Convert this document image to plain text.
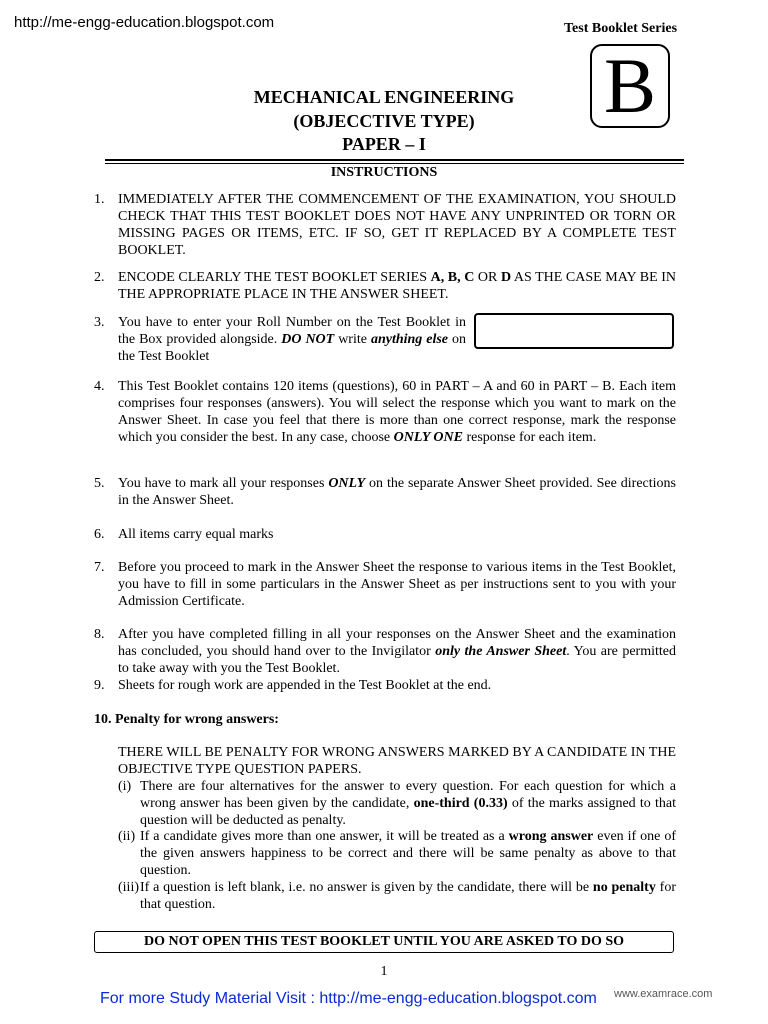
http://me-engg-education.blogspot.com	Test Booklet Series
B
MECHANICAL ENGINEERING
(OBJECCTIVE TYPE)
PAPER – I
INSTRUCTIONS
1. IMMEDIATELY AFTER THE COMMENCEMENT OF THE EXAMINATION, YOU SHOULD CHECK THAT THIS TEST BOOKLET DOES NOT HAVE ANY UNPRINTED OR TORN OR MISSING PAGES OR ITEMS, ETC. IF SO, GET IT REPLACED BY A COMPLETE TEST BOOKLET.
2. ENCODE CLEARLY THE TEST BOOKLET SERIES A, B, C OR D AS THE CASE MAY BE IN THE APPROPRIATE PLACE IN THE ANSWER SHEET.
3. You have to enter your Roll Number on the Test Booklet in the Box provided alongside. DO NOT write anything else on the Test Booklet
4. This Test Booklet contains 120 items (questions), 60 in PART – A and 60 in PART – B. Each item comprises four responses (answers). You will select the response which you want to mark on the Answer Sheet. In case you feel that there is more than one correct response, mark the response which you consider the best. In any case, choose ONLY ONE response for each item.
5. You have to mark all your responses ONLY on the separate Answer Sheet provided. See directions in the Answer Sheet.
6. All items carry equal marks
7. Before you proceed to mark in the Answer Sheet the response to various items in the Test Booklet, you have to fill in some particulars in the Answer Sheet as per instructions sent to you with your Admission Certificate.
8. After you have completed filling in all your responses on the Answer Sheet and the examination has concluded, you should hand over to the Invigilator only the Answer Sheet. You are permitted to take away with you the Test Booklet.
9. Sheets for rough work are appended in the Test Booklet at the end.
10. Penalty for wrong answers:
THERE WILL BE PENALTY FOR WRONG ANSWERS MARKED BY A CANDIDATE IN THE OBJECTIVE TYPE QUESTION PAPERS.
(i) There are four alternatives for the answer to every question. For each question for which a wrong answer has been given by the candidate, one-third (0.33) of the marks assigned to that question will be deducted as penalty.
(ii) If a candidate gives more than one answer, it will be treated as a wrong answer even if one of the given answers happiness to be correct and there will be same penalty as above to that question.
(iii) If a question is left blank, i.e. no answer is given by the candidate, there will be no penalty for that question.
DO NOT OPEN THIS TEST BOOKLET UNTIL YOU ARE ASKED TO DO SO
1
For more Study Material Visit : http://me-engg-education.blogspot.com www.examrace.com
